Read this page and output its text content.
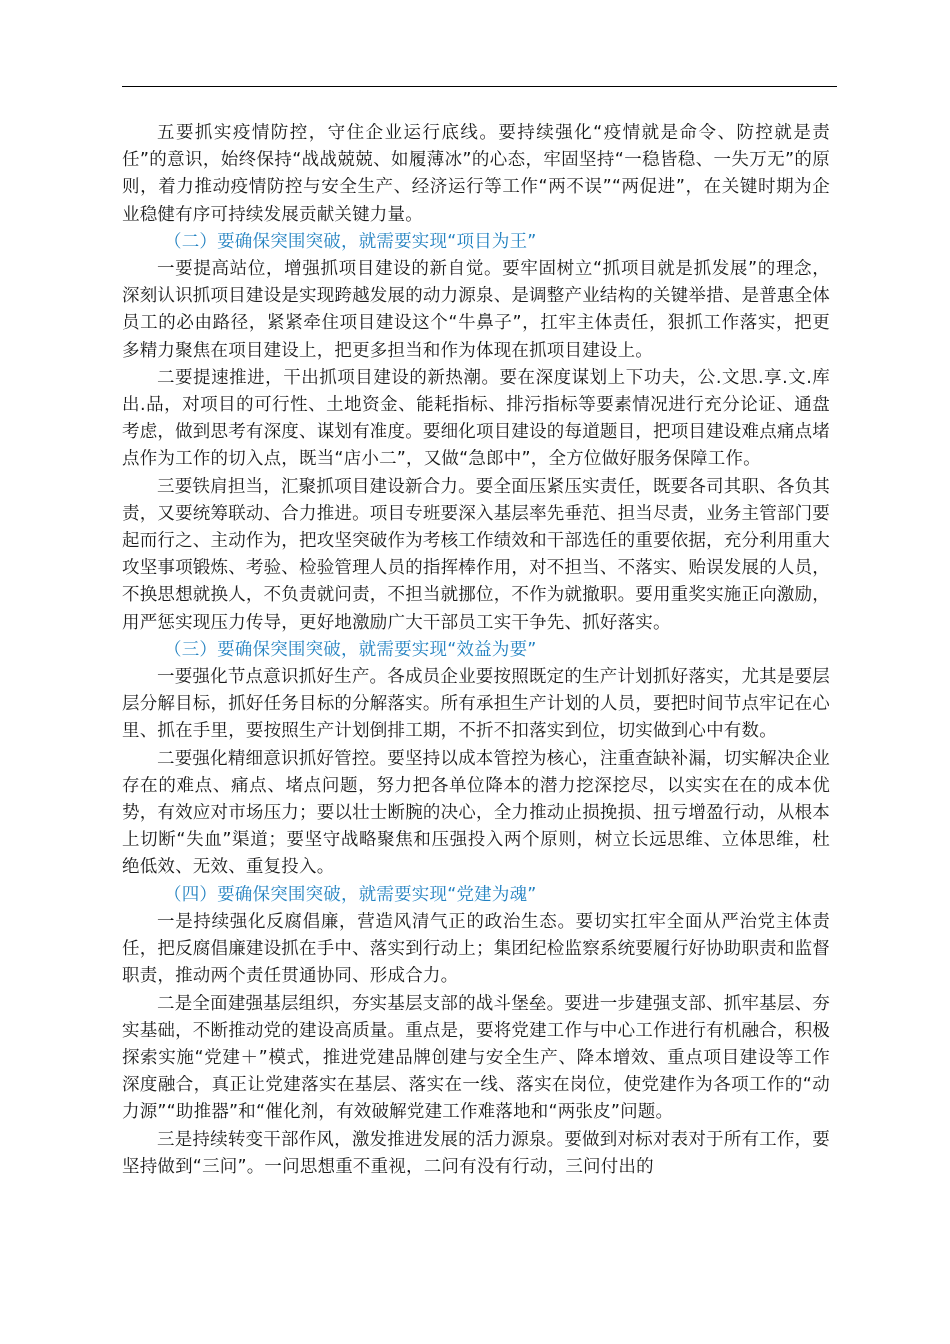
五要抓实疫情防控，守住企业运行底线。要持续强化“疫情就是命令、防控就是责任”的意识，始终保持“战战兢兢、如履薄冰”的心态，牢固坚持“一稳皆稳、一失万无”的原则，着力推动疫情防控与安全生产、经济运行等工作“两不误”“两促进”，在关键时期为企业稳健有序可持续发展贡献关键力量。

（二）要确保突围突破，就需要实现“项目为王”

一要提高站位，增强抓项目建设的新自觉。要牢固树立“抓项目就是抓发展”的理念，深刻认识抓项目建设是实现跨越发展的动力源泉、是调整产业结构的关键举措、是普惠全体员工的必由路径，紧紧牵住项目建设这个“牛鼻子”，扛牢主体责任，狠抓工作落实，把更多精力聚焦在项目建设上，把更多担当和作为体现在抓项目建设上。

二要提速推进，干出抓项目建设的新热潮。要在深度谋划上下功夫，公.文思.享.文.库出.品，对项目的可行性、土地资金、能耗指标、排污指标等要素情况进行充分论证、通盘考虑，做到思考有深度、谋划有准度。要细化项目建设的每道题目，把项目建设难点痛点堵点作为工作的切入点，既当“店小二”，又做“急郎中”，全方位做好服务保障工作。

三要铁肩担当，汇聚抓项目建设新合力。要全面压紧压实责任，既要各司其职、各负其责，又要统筹联动、合力推进。项目专班要深入基层率先垂范、担当尽责，业务主管部门要起而行之、主动作为，把攻坚突破作为考核工作绩效和干部选任的重要依据，充分利用重大攻坚事项锻炼、考验、检验管理人员的指挥棒作用，对不担当、不落实、贻误发展的人员，不换思想就换人，不负责就问责，不担当就挪位，不作为就撤职。要用重奖实施正向激励，用严惩实现压力传导，更好地激励广大干部员工实干争先、抓好落实。

（三）要确保突围突破，就需要实现“效益为要”

一要强化节点意识抓好生产。各成员企业要按照既定的生产计划抓好落实，尤其是要层层分解目标，抓好任务目标的分解落实。所有承担生产计划的人员，要把时间节点牢记在心里、抓在手里，要按照生产计划倒排工期，不折不扣落实到位，切实做到心中有数。

二要强化精细意识抓好管控。要坚持以成本管控为核心，注重查缺补漏，切实解决企业存在的难点、痛点、堵点问题，努力把各单位降本的潜力挖深挖尽，以实实在在的成本优势，有效应对市场压力；要以壮士断腕的决心，全力推动止损挽损、扭亏增盈行动，从根本上切断“失血”渠道；要坚守战略聚焦和压强投入两个原则，树立长远思维、立体思维，杜绝低效、无效、重复投入。

（四）要确保突围突破，就需要实现“党建为魂”

一是持续强化反腐倡廉，营造风清气正的政治生态。要切实扛牢全面从严治党主体责任，把反腐倡廉建设抓在手中、落实到行动上；集团纪检监察系统要履行好协助职责和监督职责，推动两个责任贯通协同、形成合力。

二是全面建强基层组织，夯实基层支部的战斗堡垒。要进一步建强支部、抓牢基层、夯实基础，不断推动党的建设高质量。重点是，要将党建工作与中心工作进行有机融合，积极探索实施“党建＋”模式，推进党建品牌创建与安全生产、降本增效、重点项目建设等工作深度融合，真正让党建落实在基层、落实在一线、落实在岗位，使党建作为各项工作的“动力源”“助推器”和“催化剂，有效破解党建工作难落地和“两张皮”问题。

三是持续转变干部作风，激发推进发展的活力源泉。要做到对标对表对于所有工作，要坚持做到“三问”。一问思想重不重视，二问有没有行动，三问付出的
